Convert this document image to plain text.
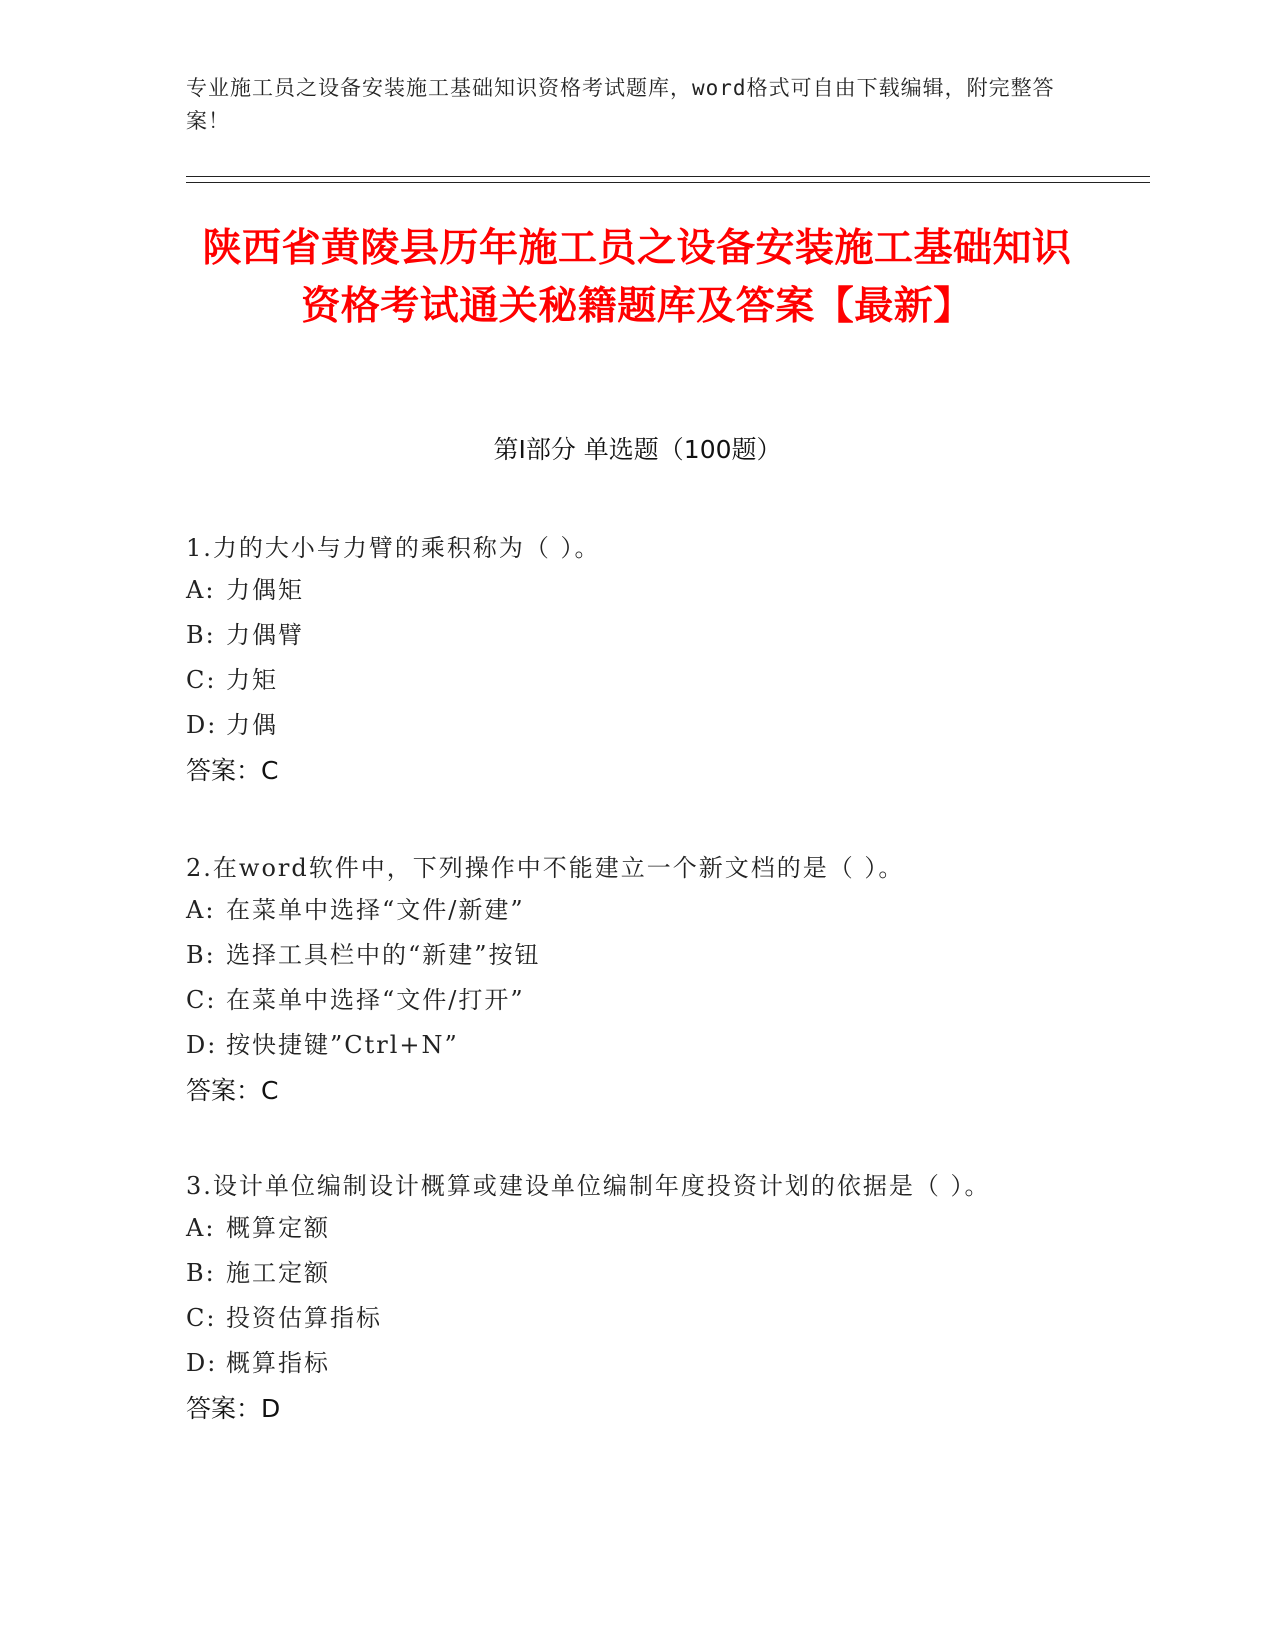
专业施工员之设备安装施工基础知识资格考试题库，word格式可自由下载编辑，附完整答案！
陕西省黄陵县历年施工员之设备安装施工基础知识资格考试通关秘籍题库及答案【最新】
第I部分 单选题（100题）

1.力的大小与力臂的乘积称为（ ）。

A: 力偶矩

B: 力偶臂

C: 力矩

D: 力偶

答案：C

2.在word软件中，下列操作中不能建立一个新文档的是（ ）。

A: 在菜单中选择“文件/新建”

B: 选择工具栏中的“新建”按钮

C: 在菜单中选择“文件/打开”

D: 按快捷键”Ctrl+N”

答案：C

3.设计单位编制设计概算或建设单位编制年度投资计划的依据是（ ）。

A: 概算定额

B: 施工定额

C: 投资估算指标

D: 概算指标

答案：D
